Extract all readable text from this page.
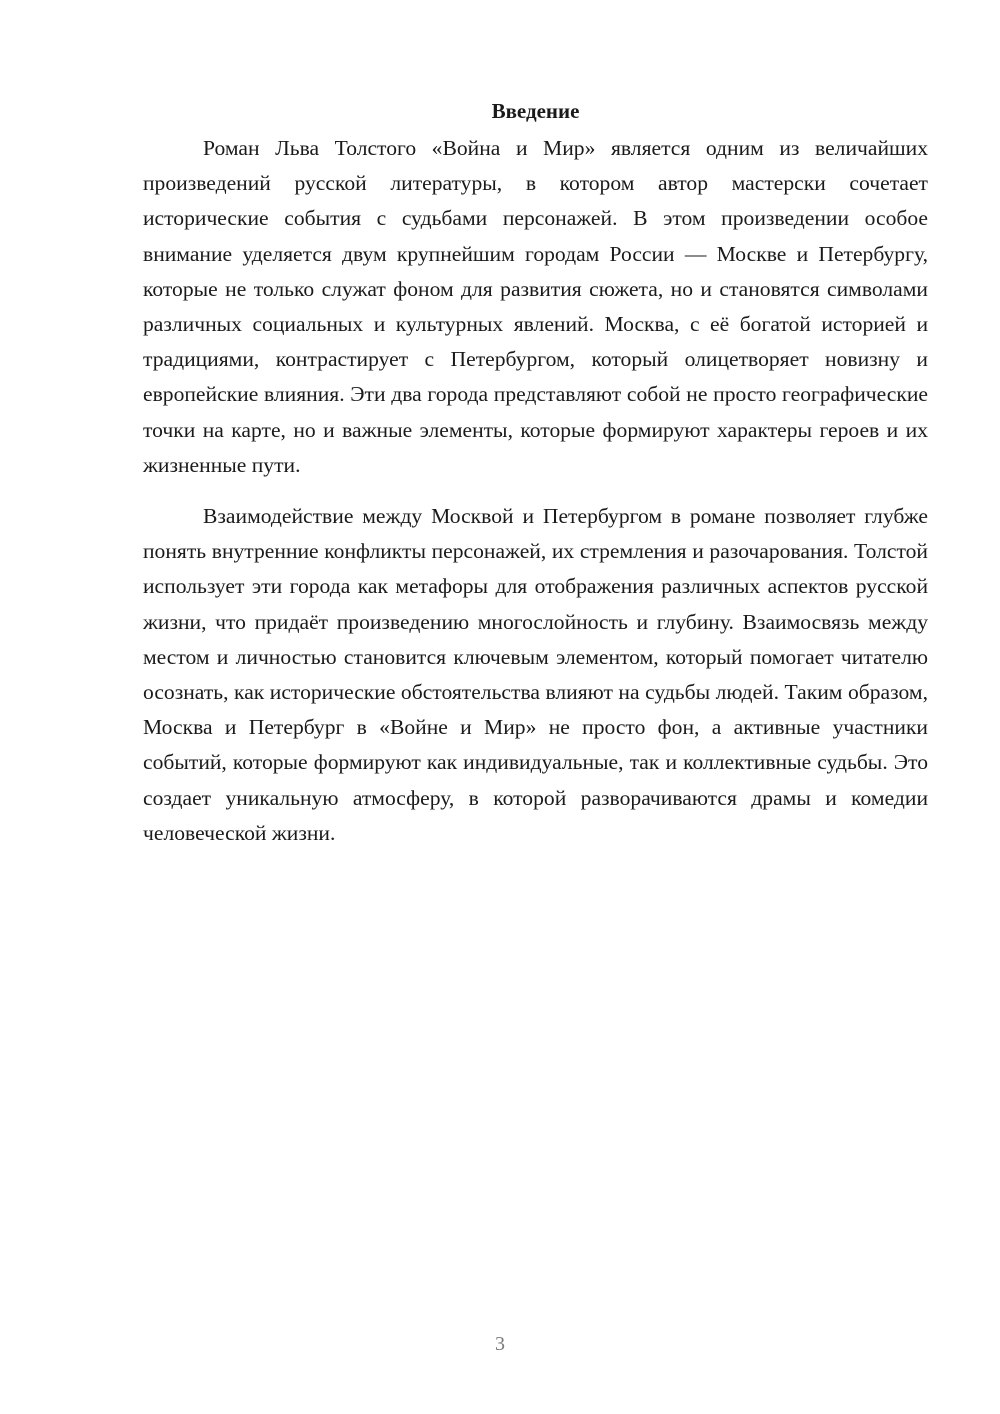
Введение

Роман Льва Толстого «Война и Мир» является одним из величайших произведений русской литературы, в котором автор мастерски сочетает исторические события с судьбами персонажей. В этом произведении особое внимание уделяется двум крупнейшим городам России — Москве и Петербургу, которые не только служат фоном для развития сюжета, но и становятся символами различных социальных и культурных явлений. Москва, с её богатой историей и традициями, контрастирует с Петербургом, который олицетворяет новизну и европейские влияния. Эти два города представляют собой не просто географические точки на карте, но и важные элементы, которые формируют характеры героев и их жизненные пути.

Взаимодействие между Москвой и Петербургом в романе позволяет глубже понять внутренние конфликты персонажей, их стремления и разочарования. Толстой использует эти города как метафоры для отображения различных аспектов русской жизни, что придаёт произведению многослойность и глубину. Взаимосвязь между местом и личностью становится ключевым элементом, который помогает читателю осознать, как исторические обстоятельства влияют на судьбы людей. Таким образом, Москва и Петербург в «Войне и Мир» не просто фон, а активные участники событий, которые формируют как индивидуальные, так и коллективные судьбы. Это создает уникальную атмосферу, в которой разворачиваются драмы и комедии человеческой жизни.

3
